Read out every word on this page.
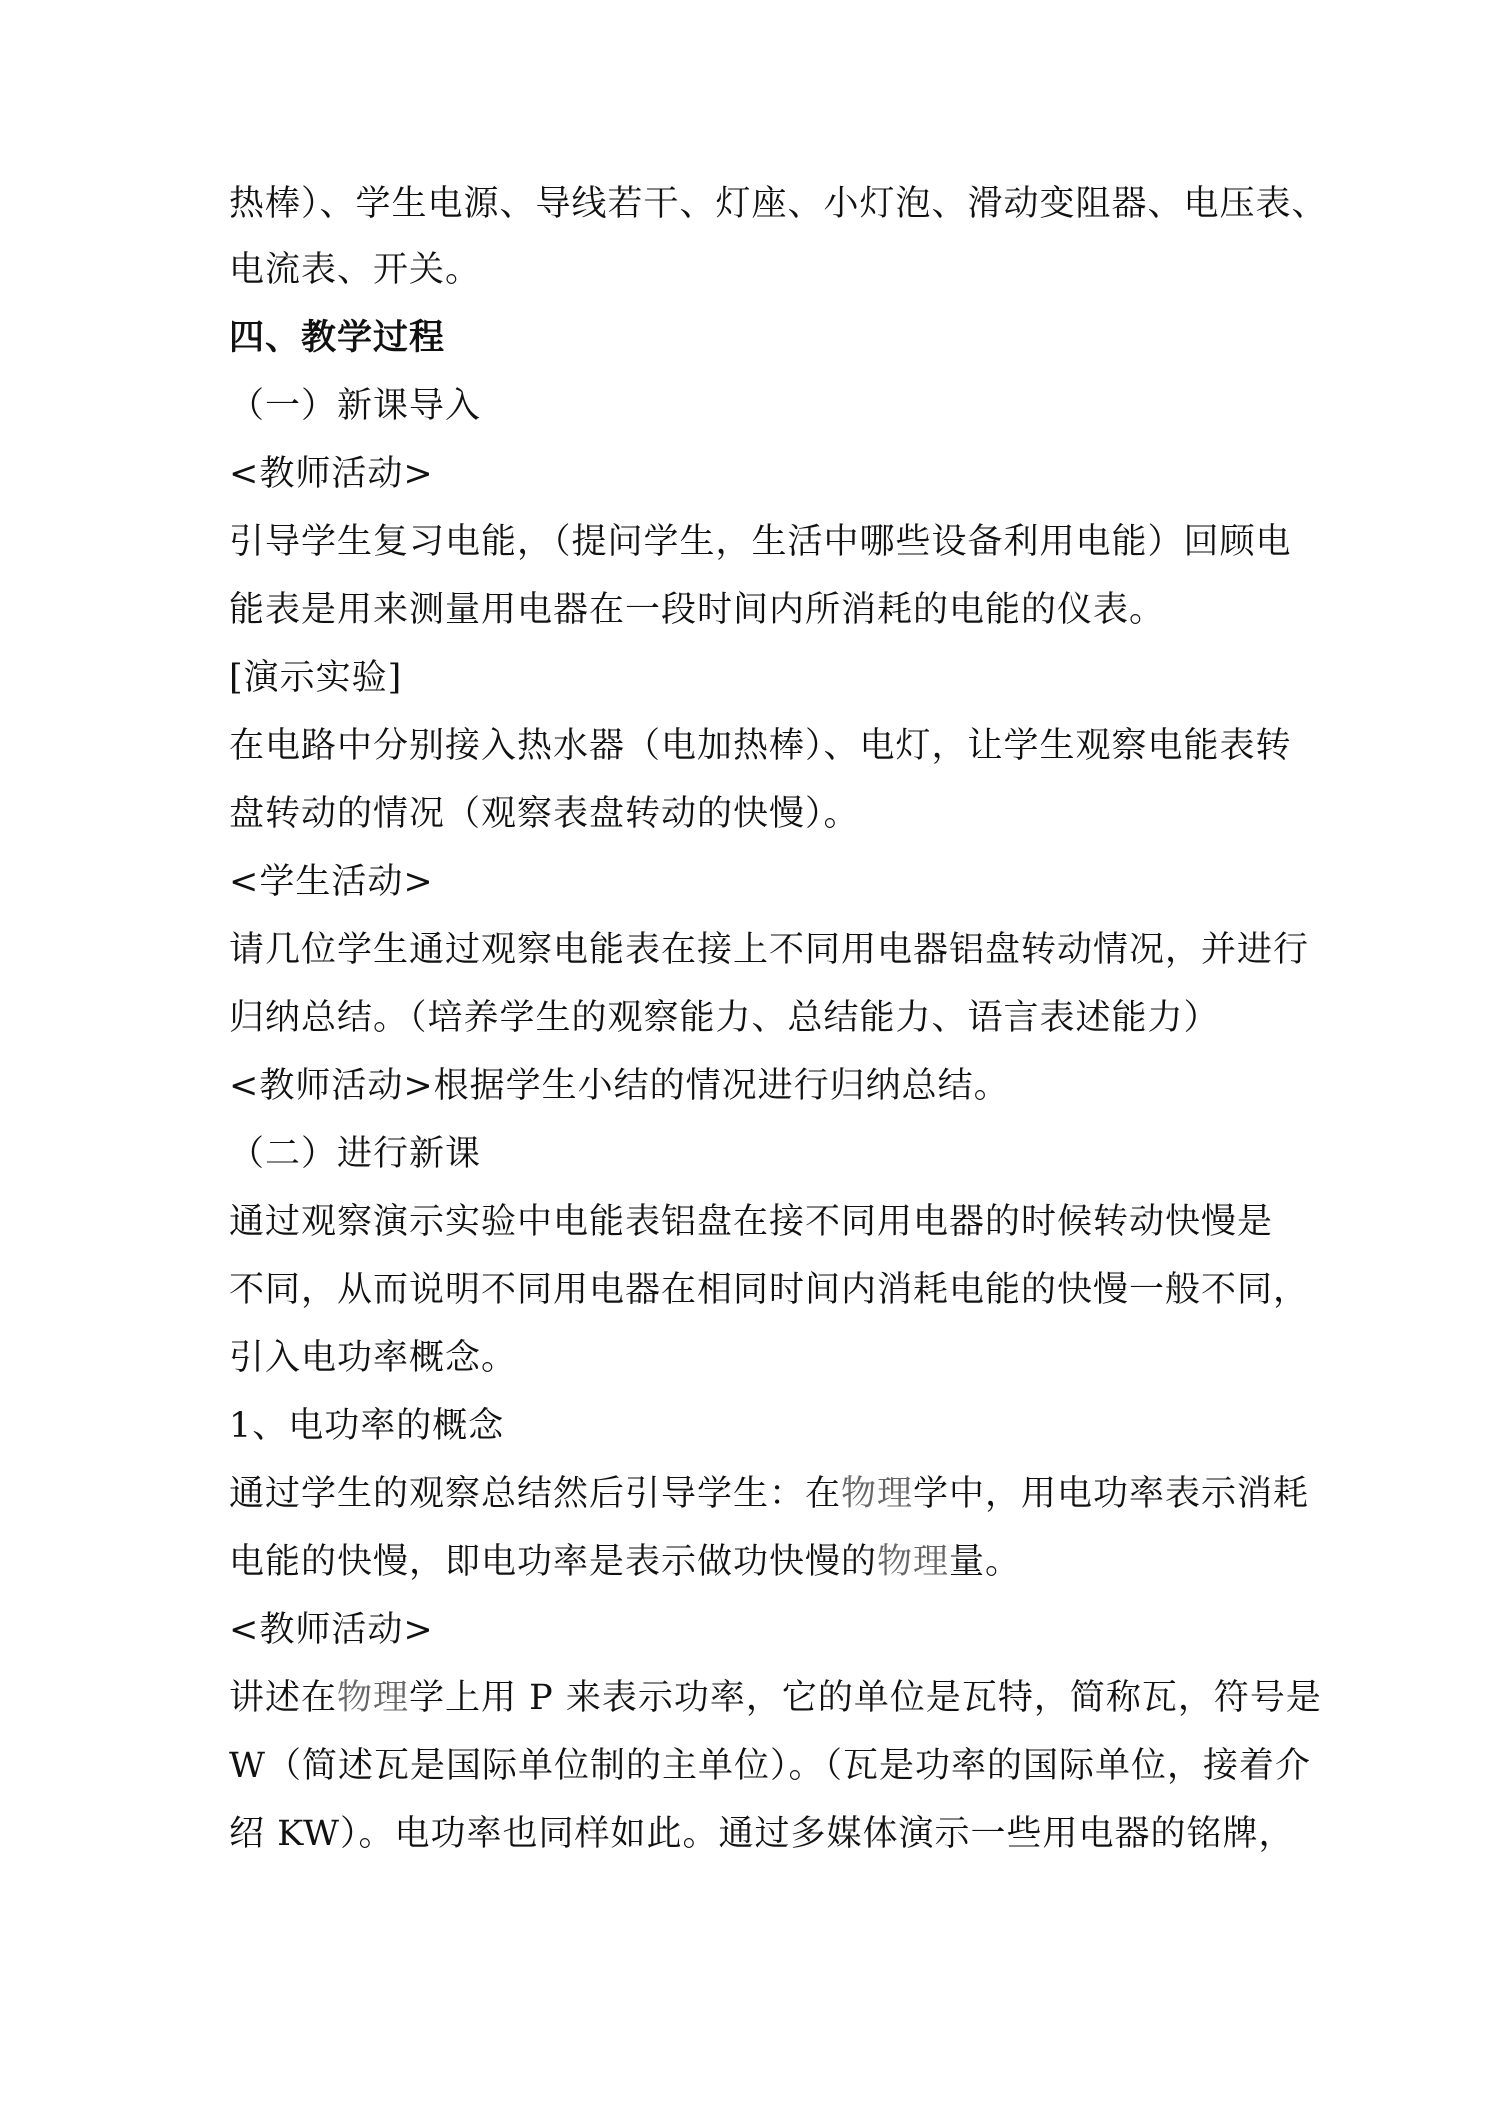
热棒）、学生电源、导线若干、灯座、小灯泡、滑动变阻器、电压表、
电流表、开关。
四、教学过程
（一）新课导入
<教师活动>
引导学生复习电能，（提问学生，生活中哪些设备利用电能）回顾电
能表是用来测量用电器在一段时间内所消耗的电能的仪表。
[演示实验]
在电路中分别接入热水器（电加热棒）、电灯，让学生观察电能表转
盘转动的情况（观察表盘转动的快慢）。
<学生活动>
请几位学生通过观察电能表在接上不同用电器铝盘转动情况，并进行
归纳总结。（培养学生的观察能力、总结能力、语言表述能力）
<教师活动>根据学生小结的情况进行归纳总结。
（二）进行新课
通过观察演示实验中电能表铝盘在接不同用电器的时候转动快慢是
不同，从而说明不同用电器在相同时间内消耗电能的快慢一般不同，
引入电功率概念。
1、电功率的概念
通过学生的观察总结然后引导学生：在物理学中，用电功率表示消耗
电能的快慢，即电功率是表示做功快慢的物理量。
<教师活动>
讲述在物理学上用 P 来表示功率，它的单位是瓦特，简称瓦，符号是
W（简述瓦是国际单位制的主单位）。（瓦是功率的国际单位，接着介
绍 KW）。电功率也同样如此。通过多媒体演示一些用电器的铭牌，
